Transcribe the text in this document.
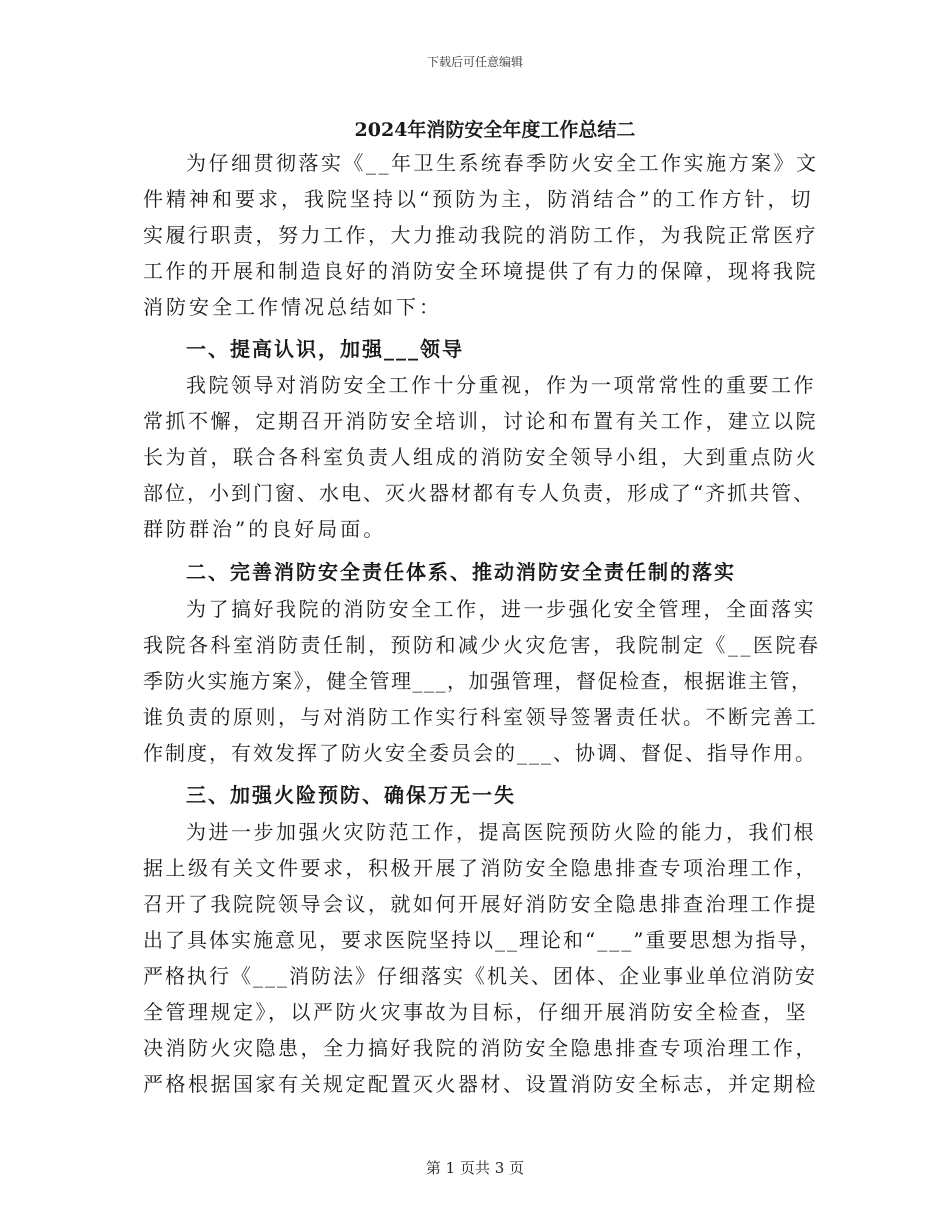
下载后可任意编辑
2024年消防安全年度工作总结二
为仔细贯彻落实《__年卫生系统春季防火安全工作实施方案》文
件精神和要求，我院坚持以“预防为主，防消结合”的工作方针，切
实履行职责，努力工作，大力推动我院的消防工作，为我院正常医疗
工作的开展和制造良好的消防安全环境提供了有力的保障，现将我院
消防安全工作情况总结如下：
一、提高认识，加强___领导
我院领导对消防安全工作十分重视，作为一项常常性的重要工作
常抓不懈，定期召开消防安全培训，讨论和布置有关工作，建立以院
长为首，联合各科室负责人组成的消防安全领导小组，大到重点防火
部位，小到门窗、水电、灭火器材都有专人负责，形成了“齐抓共管、
群防群治”的良好局面。
二、完善消防安全责任体系、推动消防安全责任制的落实
为了搞好我院的消防安全工作，进一步强化安全管理，全面落实
我院各科室消防责任制，预防和减少火灾危害，我院制定《__医院春
季防火实施方案》，健全管理___，加强管理，督促检查，根据谁主管，
谁负责的原则，与对消防工作实行科室领导签署责任状。不断完善工
作制度，有效发挥了防火安全委员会的___、协调、督促、指导作用。
三、加强火险预防、确保万无一失
为进一步加强火灾防范工作，提高医院预防火险的能力，我们根
据上级有关文件要求，积极开展了消防安全隐患排查专项治理工作，
召开了我院院领导会议，就如何开展好消防安全隐患排查治理工作提
出了具体实施意见，要求医院坚持以__理论和“___”重要思想为指导，
严格执行《___消防法》仔细落实《机关、团体、企业事业单位消防安
全管理规定》，以严防火灾事故为目标，仔细开展消防安全检查，坚
决消防火灾隐患，全力搞好我院的消防安全隐患排查专项治理工作，
严格根据国家有关规定配置灭火器材、设置消防安全标志，并定期检
第 1 页共 3 页
